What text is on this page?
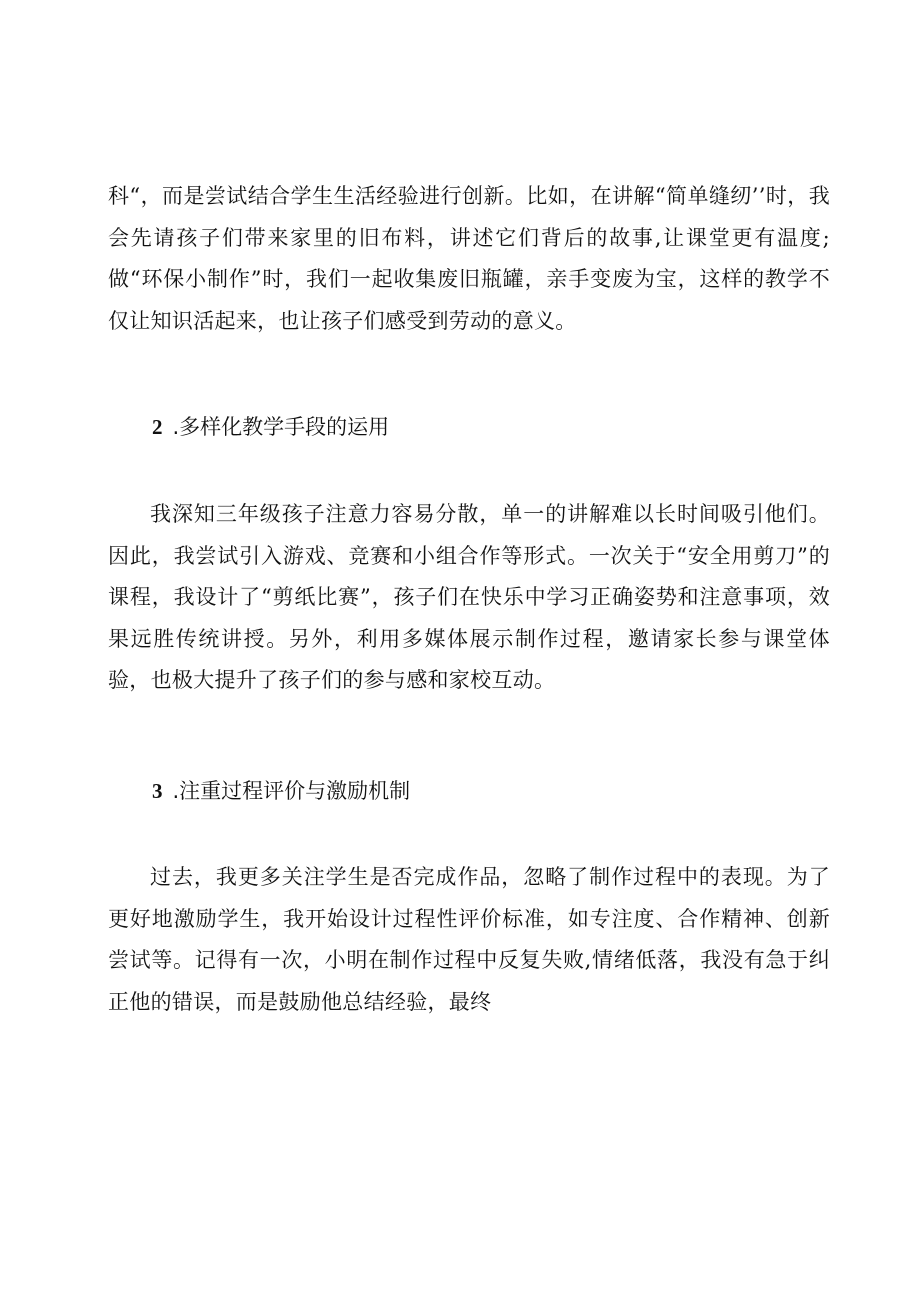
科“，而是尝试结合学生生活经验进行创新。比如，在讲解“简单缝纫’’时，我会先请孩子们带来家里的旧布料，讲述它们背后的故事,让课堂更有温度;做“环保小制作”时，我们一起收集废旧瓶罐，亲手变废为宝，这样的教学不仅让知识活起来，也让孩子们感受到劳动的意义。

2 .多样化教学手段的运用

我深知三年级孩子注意力容易分散，单一的讲解难以长时间吸引他们。因此，我尝试引入游戏、竞赛和小组合作等形式。一次关于“安全用剪刀”的课程，我设计了“剪纸比赛”，孩子们在快乐中学习正确姿势和注意事项，效果远胜传统讲授。另外，利用多媒体展示制作过程，邀请家长参与课堂体验，也极大提升了孩子们的参与感和家校互动。

3 .注重过程评价与激励机制

过去，我更多关注学生是否完成作品，忽略了制作过程中的表现。为了更好地激励学生，我开始设计过程性评价标准，如专注度、合作精神、创新尝试等。记得有一次，小明在制作过程中反复失败,情绪低落，我没有急于纠正他的错误，而是鼓励他总结经验，最终
